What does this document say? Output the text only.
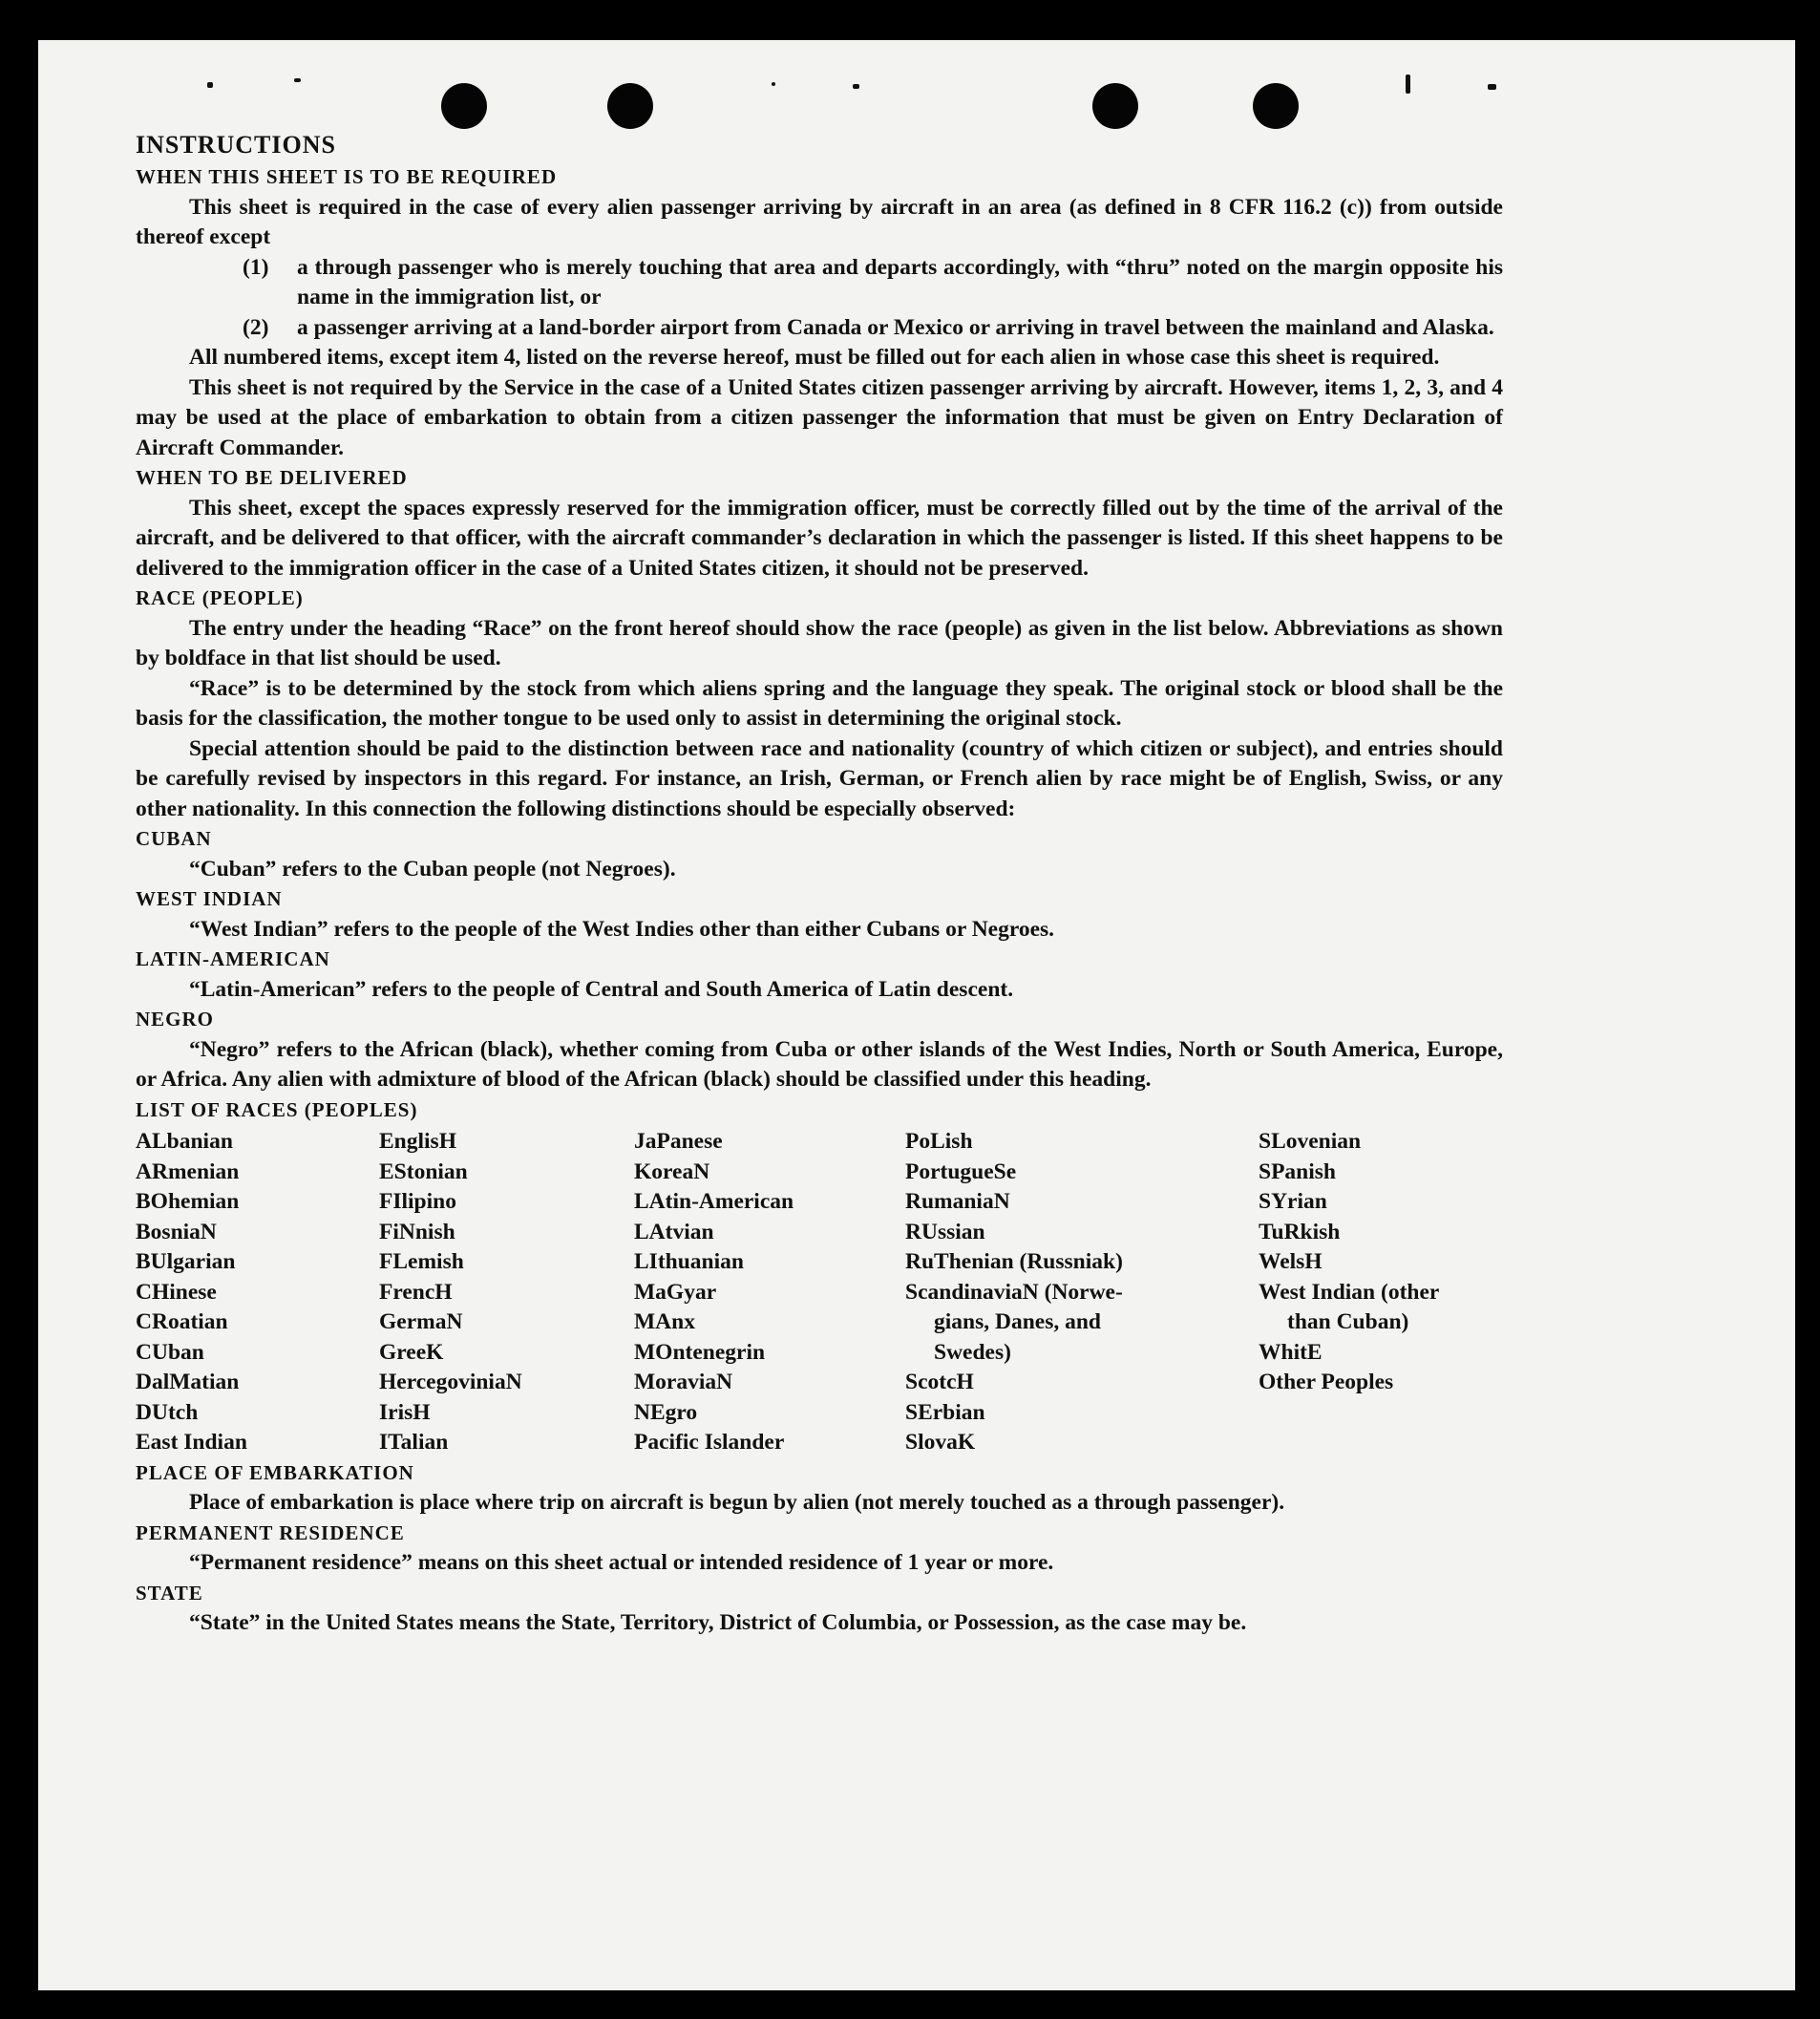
INSTRUCTIONS

WHEN THIS SHEET IS TO BE REQUIRED

This sheet is required in the case of every alien passenger arriving by aircraft in an area (as defined in 8 CFR 116.2 (c)) from outside thereof except

(1)	a through passenger who is merely touching that area and departs accordingly, with “thru” noted on the margin opposite his name in the immigration list, or
(2)	a passenger arriving at a land-border airport from Canada or Mexico or arriving in travel between the mainland and Alaska.

All numbered items, except item 4, listed on the reverse hereof, must be filled out for each alien in whose case this sheet is required.

This sheet is not required by the Service in the case of a United States citizen passenger arriving by aircraft. However, items 1, 2, 3, and 4 may be used at the place of embarkation to obtain from a citizen passenger the information that must be given on Entry Declaration of Aircraft Commander.

WHEN TO BE DELIVERED

This sheet, except the spaces expressly reserved for the immigration officer, must be correctly filled out by the time of the arrival of the aircraft, and be delivered to that officer, with the aircraft commander’s declaration in which the passenger is listed. If this sheet happens to be delivered to the immigration officer in the case of a United States citizen, it should not be preserved.

RACE (PEOPLE)

The entry under the heading “Race” on the front hereof should show the race (people) as given in the list below. Abbreviations as shown by boldface in that list should be used.

“Race” is to be determined by the stock from which aliens spring and the language they speak. The original stock or blood shall be the basis for the classification, the mother tongue to be used only to assist in determining the original stock.

Special attention should be paid to the distinction between race and nationality (country of which citizen or subject), and entries should be carefully revised by inspectors in this regard. For instance, an Irish, German, or French alien by race might be of English, Swiss, or any other nationality. In this connection the following distinctions should be especially observed:

CUBAN

“Cuban” refers to the Cuban people (not Negroes).

WEST INDIAN

“West Indian” refers to the people of the West Indies other than either Cubans or Negroes.

LATIN-AMERICAN

“Latin-American” refers to the people of Central and South America of Latin descent.

NEGRO

“Negro” refers to the African (black), whether coming from Cuba or other islands of the West Indies, North or South America, Europe, or Africa. Any alien with admixture of blood of the African (black) should be classified under this heading.

LIST OF RACES (PEOPLES)

ALbanian
ARmenian
BOhemian
BosniaN
BUlgarian
CHinese
CRoatian
CUban
DalMatian
DUtch
East Indian
EnglisH
EStonian
FIlipino
FiNnish
FLemish
FrencH
GermaN
GreeK
HercegoviniaN
IrisH
ITalian
JaPanese
KoreaN
LAtin-American
LAtvian
LIthuanian
MaGyar
MAnx
MOntenegrin
MoraviaN
NEgro
Pacific Islander
PoLish
PortugueSe
RumaniaN
RUssian
RuThenian (Russniak)
ScandinaviaN (Norwe-
gians, Danes, and
Swedes)
ScotcH
SErbian
SlovaK
SLovenian
SPanish
SYrian
TuRkish
WelsH
West Indian (other
than Cuban)
WhitE
Other Peoples

PLACE OF EMBARKATION

Place of embarkation is place where trip on aircraft is begun by alien (not merely touched as a through passenger).

PERMANENT RESIDENCE

“Permanent residence” means on this sheet actual or intended residence of 1 year or more.

STATE

“State” in the United States means the State, Territory, District of Columbia, or Possession, as the case may be.
